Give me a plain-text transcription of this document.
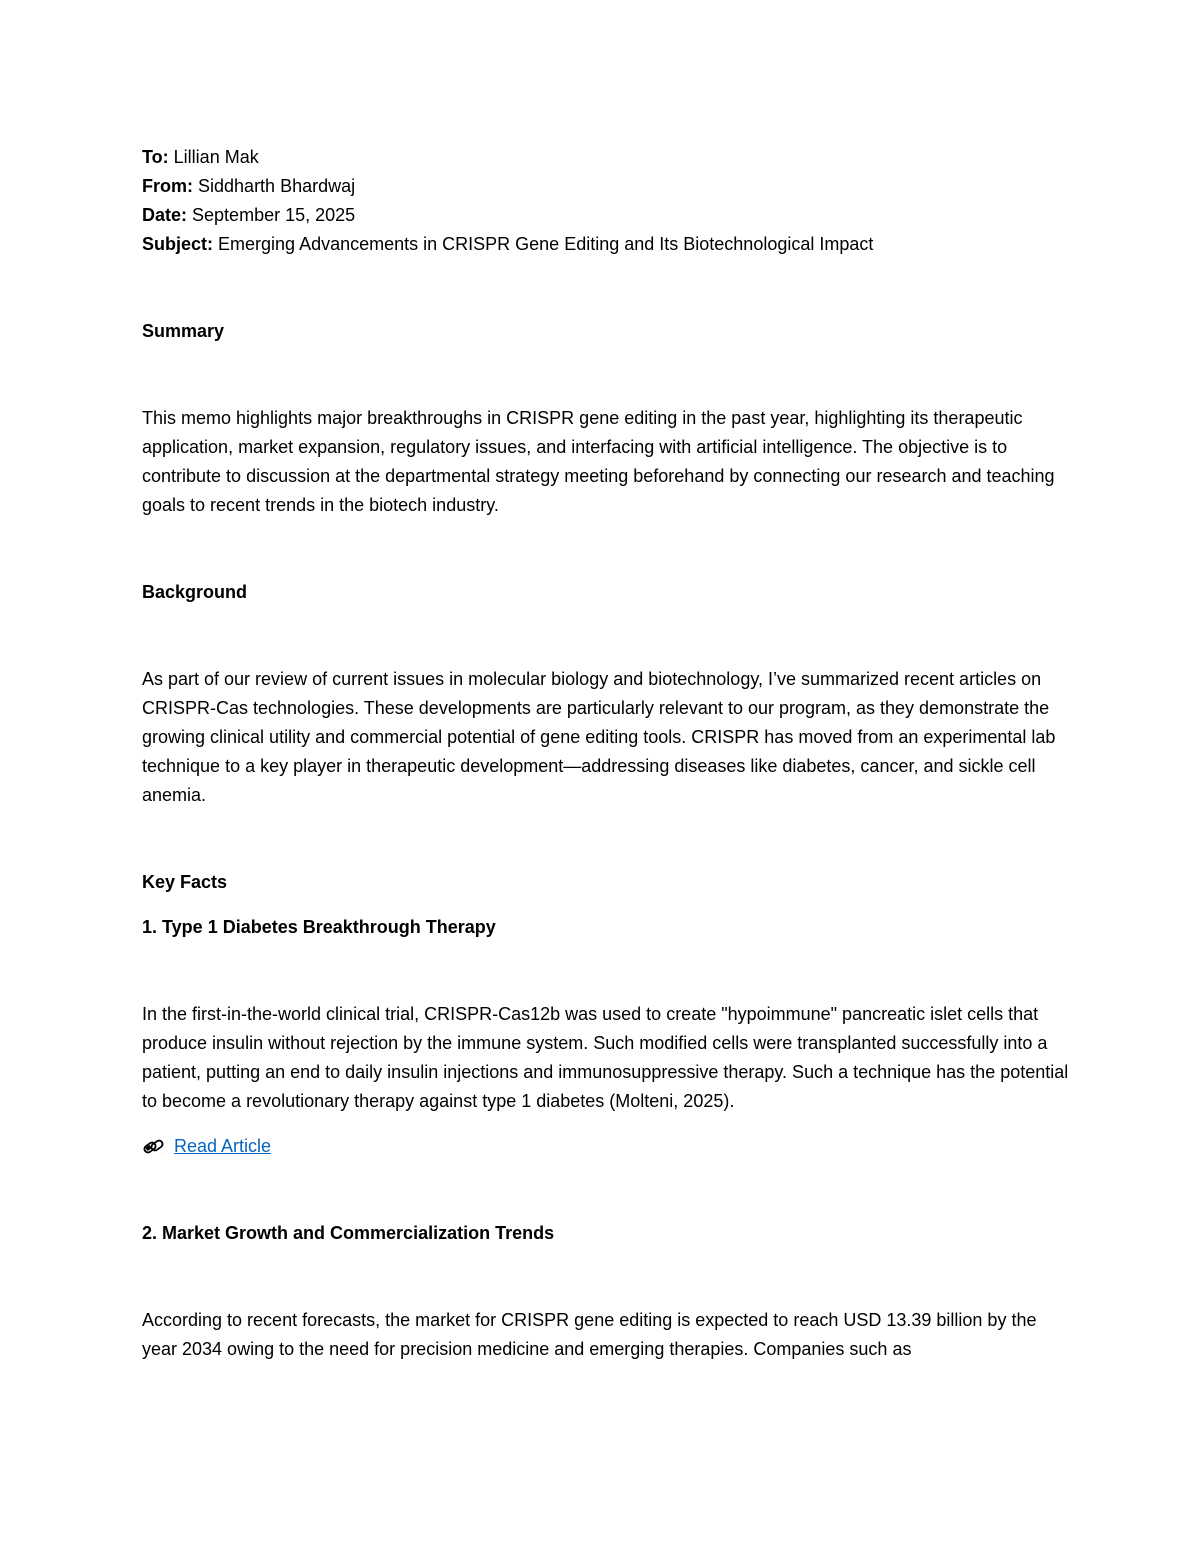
To: Lillian Mak

From: Siddharth Bhardwaj

Date: September 15, 2025

Subject: Emerging Advancements in CRISPR Gene Editing and Its Biotechnological Impact

Summary

This memo highlights major breakthroughs in CRISPR gene editing in the past year, highlighting its therapeutic application, market expansion, regulatory issues, and interfacing with artificial intelligence. The objective is to contribute to discussion at the departmental strategy meeting beforehand by connecting our research and teaching goals to recent trends in the biotech industry.

Background

As part of our review of current issues in molecular biology and biotechnology, I’ve summarized recent articles on CRISPR-Cas technologies. These developments are particularly relevant to our program, as they demonstrate the growing clinical utility and commercial potential of gene editing tools. CRISPR has moved from an experimental lab technique to a key player in therapeutic development—addressing diseases like diabetes, cancer, and sickle cell anemia.

Key Facts

1. Type 1 Diabetes Breakthrough Therapy

In the first-in-the-world clinical trial, CRISPR-Cas12b was used to create "hypoimmune" pancreatic islet cells that produce insulin without rejection by the immune system. Such modified cells were transplanted successfully into a patient, putting an end to daily insulin injections and immunosuppressive therapy. Such a technique has the potential to become a revolutionary therapy against type 1 diabetes (Molteni, 2025).

Read Article

2. Market Growth and Commercialization Trends

According to recent forecasts, the market for CRISPR gene editing is expected to reach USD 13.39 billion by the year 2034 owing to the need for precision medicine and emerging therapies. Companies such as
